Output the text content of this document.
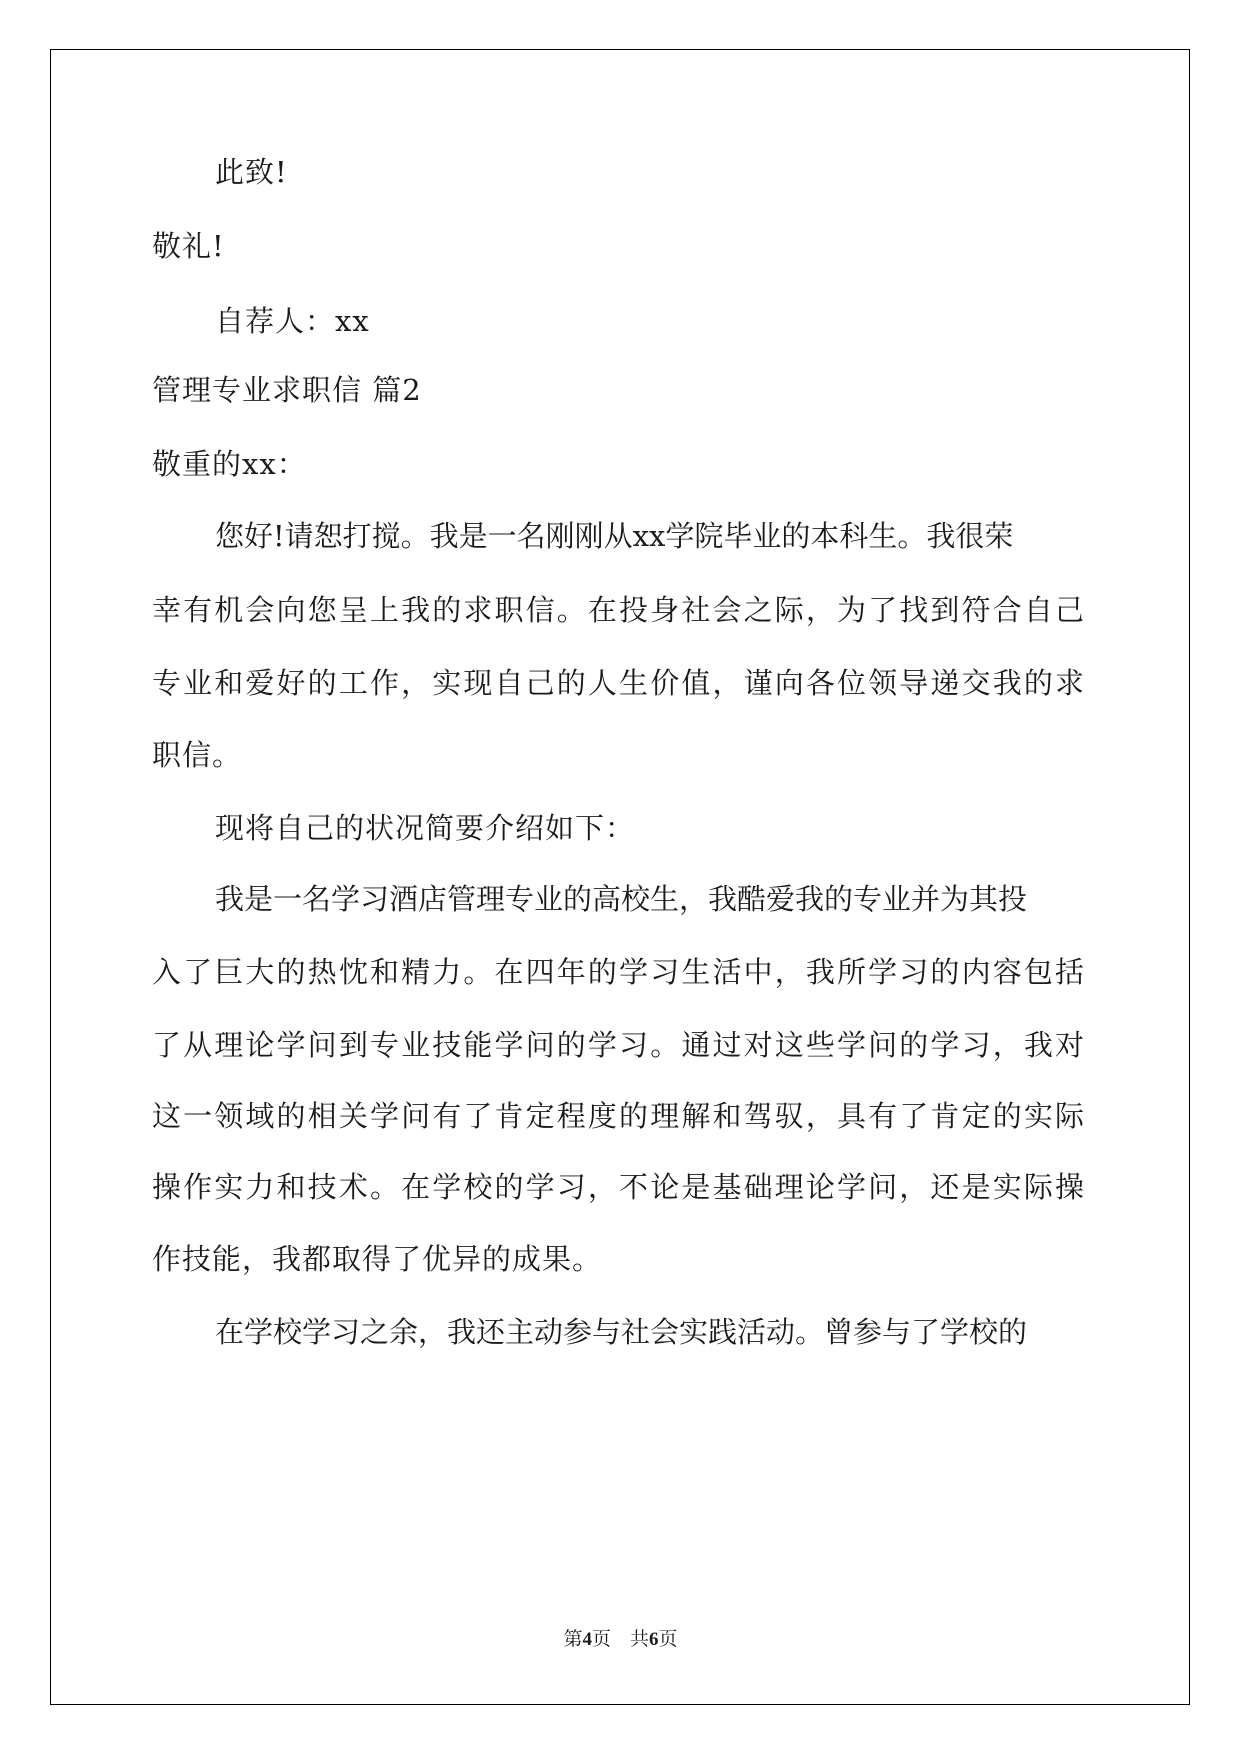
此致!
敬礼!
自荐人：xx
管理专业求职信 篇2
敬重的xx：
您好!请恕打搅。我是一名刚刚从xx学院毕业的本科生。我很荣
幸有机会向您呈上我的求职信。在投身社会之际，为了找到符合自己
专业和爱好的工作，实现自己的人生价值，谨向各位领导递交我的求
职信。
现将自己的状况简要介绍如下：
我是一名学习酒店管理专业的高校生，我酷爱我的专业并为其投
入了巨大的热忱和精力。在四年的学习生活中，我所学习的内容包括
了从理论学问到专业技能学问的学习。通过对这些学问的学习，我对
这一领域的相关学问有了肯定程度的理解和驾驭，具有了肯定的实际
操作实力和技术。在学校的学习，不论是基础理论学问，还是实际操
作技能，我都取得了优异的成果。
在学校学习之余，我还主动参与社会实践活动。曾参与了学校的
第4页 共6页
